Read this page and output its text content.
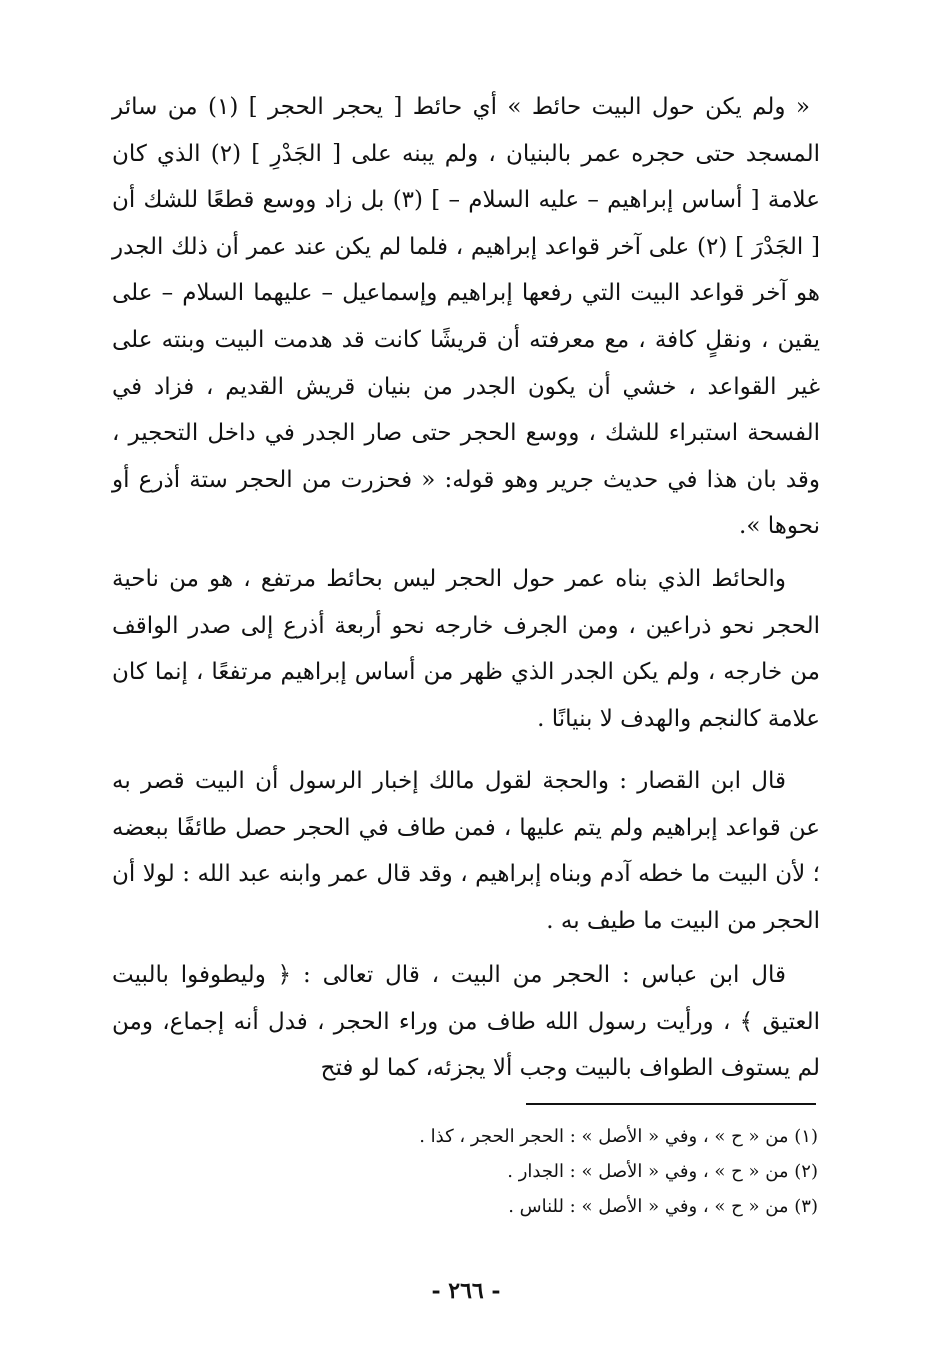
« ولم يكن حول البيت حائط » أي حائط [ يحجر الحجر ] (١) من سائر المسجد حتى حجره عمر بالبنيان ، ولم يبنه على [ الجَدْرِ ] (٢) الذي كان علامة [ أساس إبراهيم – عليه السلام – ] (٣) بل زاد ووسع قطعًا للشك أن [ الجَدْرَ ] (٢) على آخر قواعد إبراهيم ، فلما لم يكن عند عمر أن ذلك الجدر هو آخر قواعد البيت التي رفعها إبراهيم وإسماعيل – عليهما السلام – على يقين ، ونقلٍ كافة ، مع معرفته أن قريشًا كانت قد هدمت البيت وبنته على غير القواعد ، خشي أن يكون الجدر من بنيان قريش القديم ، فزاد في الفسحة استبراء للشك ، ووسع الحجر حتى صار الجدر في داخل التحجير ، وقد بان هذا في حديث جرير وهو قوله: « فحزرت من الحجر ستة أذرع أو نحوها ».

والحائط الذي بناه عمر حول الحجر ليس بحائط مرتفع ، هو من ناحية الحجر نحو ذراعين ، ومن الجرف خارجه نحو أربعة أذرع إلى صدر الواقف من خارجه ، ولم يكن الجدر الذي ظهر من أساس إبراهيم مرتفعًا ، إنما كان علامة كالنجم والهدف لا بنيانًا .

قال ابن القصار : والحجة لقول مالك إخبار الرسول أن البيت قصر به عن قواعد إبراهيم ولم يتم عليها ، فمن طاف في الحجر حصل طائفًا ببعضه ؛ لأن البيت ما خطه آدم وبناه إبراهيم ، وقد قال عمر وابنه عبد الله : لولا أن الحجر من البيت ما طيف به .

قال ابن عباس : الحجر من البيت ، قال تعالى : ﴿ وليطوفوا بالبيت العتيق ﴾ ، ورأيت رسول الله طاف من وراء الحجر ، فدل أنه إجماع، ومن لم يستوف الطواف بالبيت وجب ألا يجزئه، كما لو فتح

(١) من « ح » ، وفي « الأصل » : الحجر الحجر ، كذا .
(٢) من « ح » ، وفي « الأصل » : الجدار .
(٣) من « ح » ، وفي « الأصل » : للناس .
- ٢٦٦ -
